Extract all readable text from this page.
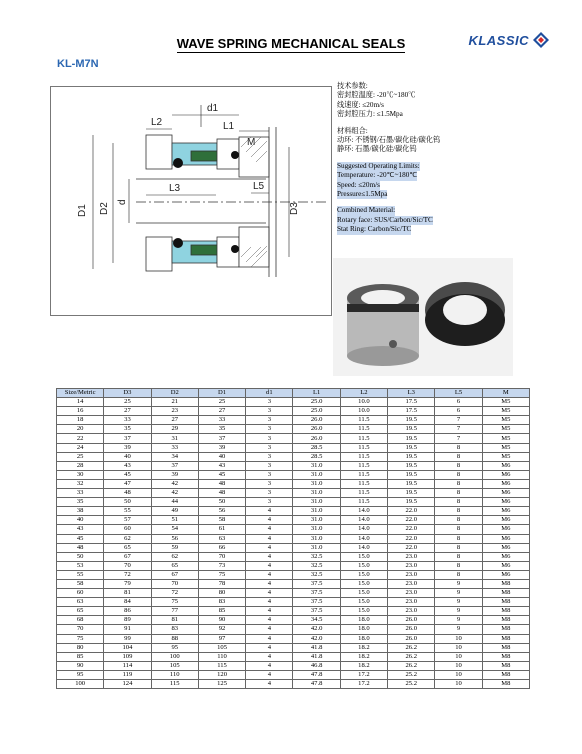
WAVE SPRING MECHANICAL SEALS	KLASSIC
KL-M7N
d1
L2	L1
M
L3	L5
D1 D2 d	D3
技术参数:
密封腔温度: -20℃~180℃
线速度: ≤20m/s
密封腔压力: ≤1.5Mpa
材料组合:
动环: 不锈钢/石墨/碳化硅/碳化钨
静环: 石墨/碳化硅/碳化钨
Suggested Operating Limits:
Temperature: -20℃~180℃
Speed: ≤20m/s
Pressure≤1.5Mpa
Combined Material:
Rotary face: SUS/Carbon/Sic/TC
Stat Ring: Carbon/Sic/TC
Size/Metric	D3	D2	D1	d1	L1	L2	L3	L5	M
14	25	21	25	3	25.0	10.0	17.5	6	M5
16	27	23	27	3	25.0	10.0	17.5	6	M5
18	33	27	33	3	26.0	11.5	19.5	7	M5
20	35	29	35	3	26.0	11.5	19.5	7	M5
22	37	31	37	3	26.0	11.5	19.5	7	M5
24	39	33	39	3	28.5	11.5	19.5	8	M5
25	40	34	40	3	28.5	11.5	19.5	8	M5
28	43	37	43	3	31.0	11.5	19.5	8	M6
30	45	39	45	3	31.0	11.5	19.5	8	M6
32	47	42	48	3	31.0	11.5	19.5	8	M6
33	48	42	48	3	31.0	11.5	19.5	8	M6
35	50	44	50	3	31.0	11.5	19.5	8	M6
38	55	49	56	4	31.0	14.0	22.0	8	M6
40	57	51	58	4	31.0	14.0	22.0	8	M6
43	60	54	61	4	31.0	14.0	22.0	8	M6
45	62	56	63	4	31.0	14.0	22.0	8	M6
48	65	59	66	4	31.0	14.0	22.0	8	M6
50	67	62	70	4	32.5	15.0	23.0	8	M6
53	70	65	73	4	32.5	15.0	23.0	8	M6
55	72	67	75	4	32.5	15.0	23.0	8	M6
58	79	70	78	4	37.5	15.0	23.0	9	M8
60	81	72	80	4	37.5	15.0	23.0	9	M8
63	84	75	83	4	37.5	15.0	23.0	9	M8
65	86	77	85	4	37.5	15.0	23.0	9	M8
68	89	81	90	4	34.5	18.0	26.0	9	M8
70	91	83	92	4	42.0	18.0	26.0	9	M8
75	99	88	97	4	42.0	18.0	26.0	10	M8
80	104	95	105	4	41.8	18.2	26.2	10	M8
85	109	100	110	4	41.8	18.2	26.2	10	M8
90	114	105	115	4	46.8	18.2	26.2	10	M8
95	119	110	120	4	47.8	17.2	25.2	10	M8
100	124	115	125	4	47.8	17.2	25.2	10	M8
